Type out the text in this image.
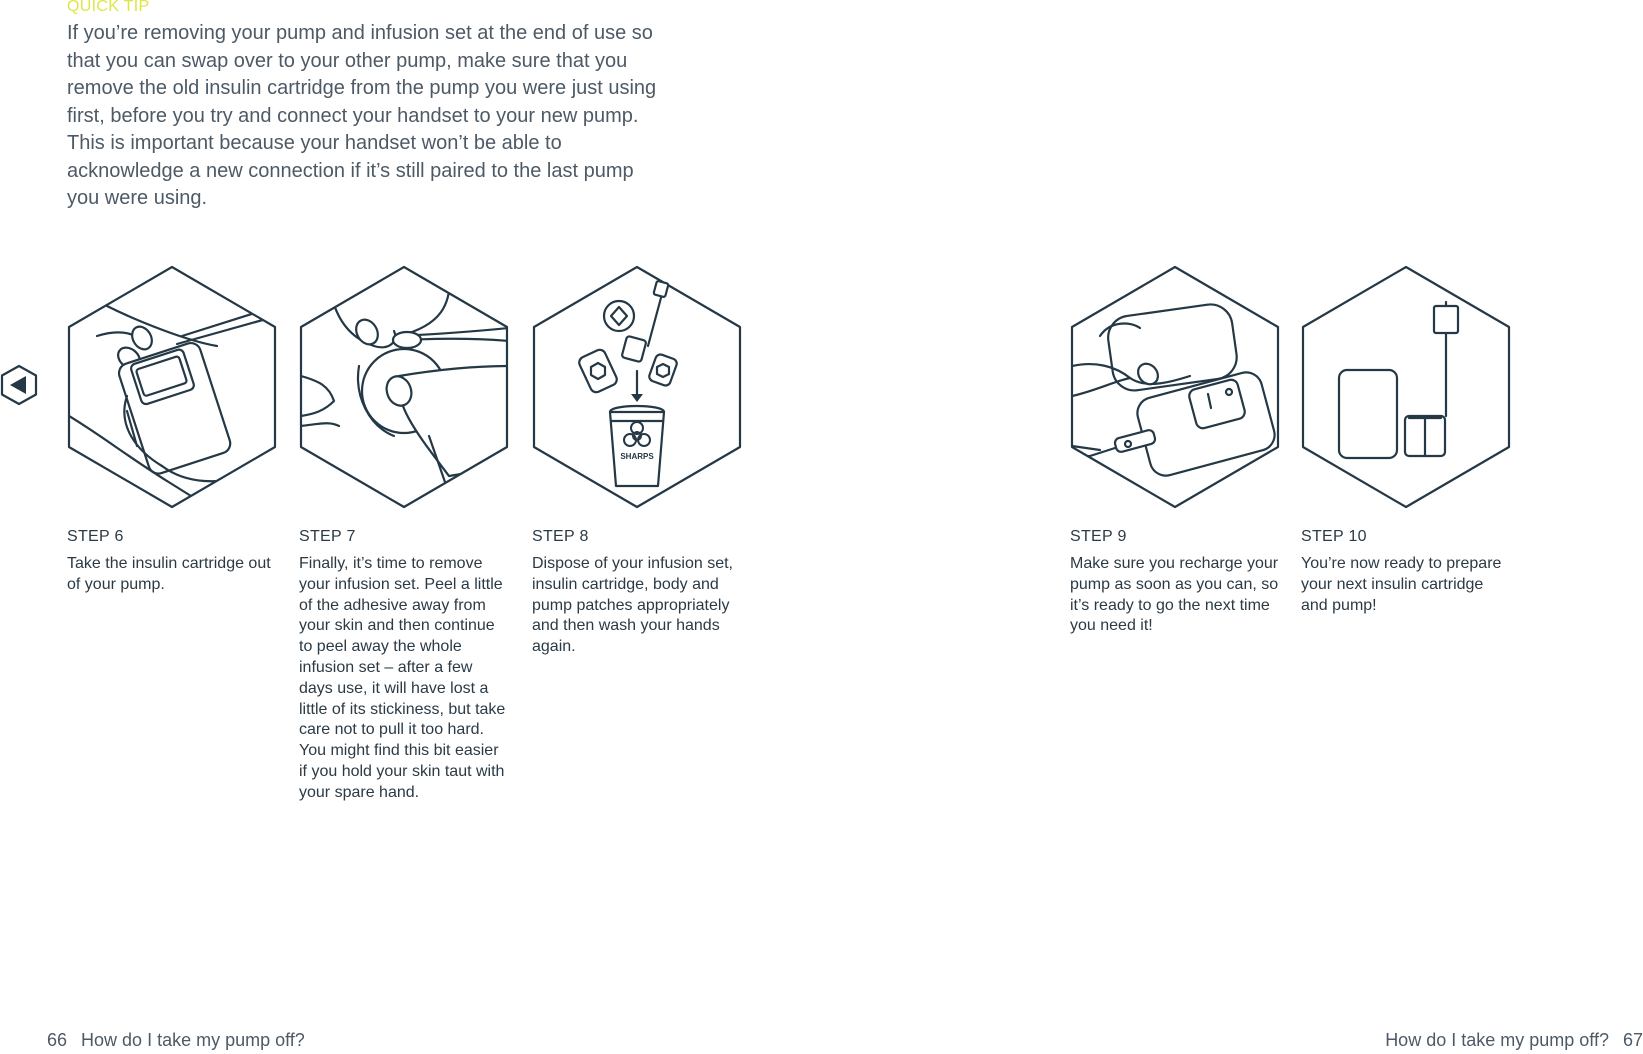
QUICK TIP

If you’re removing your pump and infusion set at the end of use so that you can swap over to your other pump, make sure that you remove the old insulin cartridge from the pump you were just using first, before you try and connect your handset to your new pump. This is important because your handset won’t be able to acknowledge a new connection if it’s still paired to the last pump you were using.

STEP 6

Take the insulin cartridge out of your pump.

STEP 7

Finally, it’s time to remove your infusion set. Peel a little of the adhesive away from your skin and then continue to peel away the whole infusion set – after a few days use, it will have lost a little of its stickiness, but take care not to pull it too hard. You might find this bit easier if you hold your skin taut with your spare hand.

SHARPS
STEP 8

Dispose of your infusion set, insulin cartridge, body and pump patches appropriately and then wash your hands again.

STEP 9

Make sure you recharge your pump as soon as you can, so it’s ready to go the next time you need it!

STEP 10

You’re now ready to prepare your next insulin cartridge and pump!

66 How do I take my pump off?	How do I take my pump off? 67
